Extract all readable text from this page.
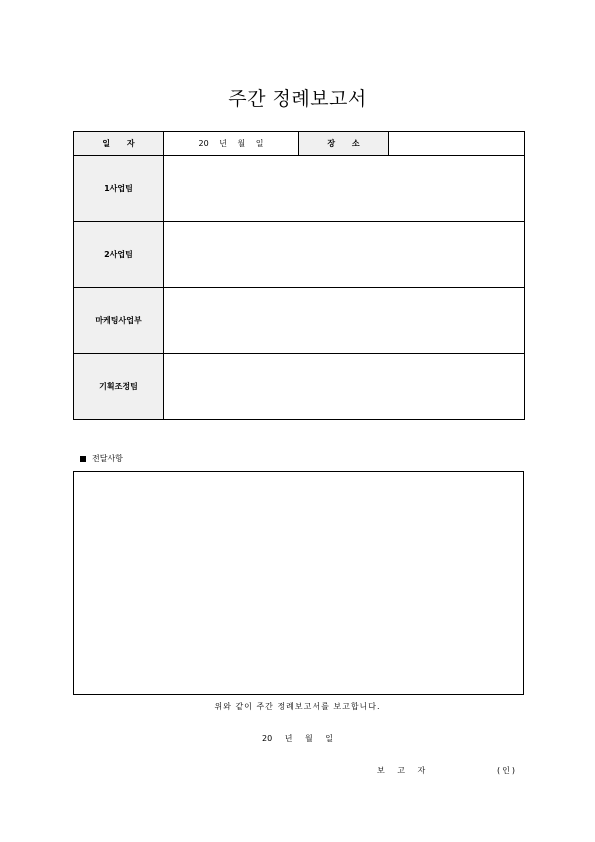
주간 정례보고서
일 자	20 년 월 일	장 소	
1사업팀			
2사업팀			
마케팅사업부			
기획조정팀			
전달사항
위와 같이 주간 정례보고서를 보고합니다.
20 년 월 일
보 고 자	(인)
